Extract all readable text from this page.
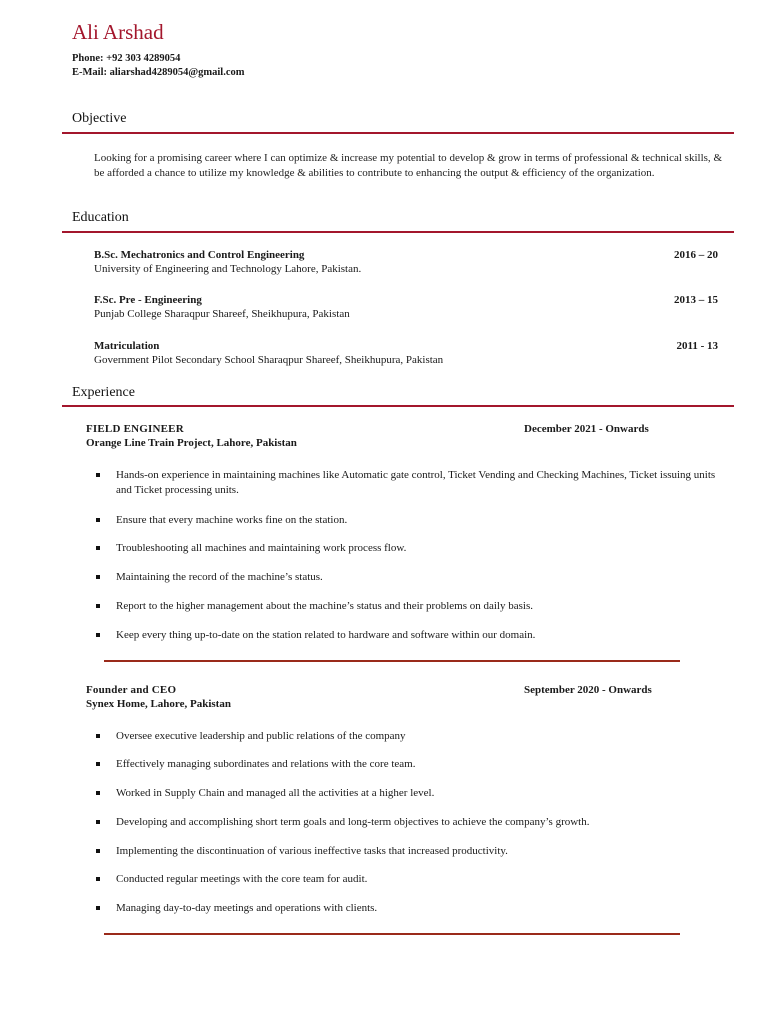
Ali Arshad
Phone: +92 303 4289054
E-Mail: aliarshad4289054@gmail.com
Objective
Looking for a promising career where I can optimize & increase my potential to develop & grow in terms of professional & technical skills, & be afforded a chance to utilize my knowledge & abilities to contribute to enhancing the output & efficiency of the organization.
Education
B.Sc. Mechatronics and Control Engineering
University of Engineering and Technology Lahore, Pakistan.
2016 – 20
F.Sc. Pre - Engineering
Punjab College Sharaqpur Shareef, Sheikhupura, Pakistan
2013 – 15
Matriculation
Government Pilot Secondary School Sharaqpur Shareef, Sheikhupura, Pakistan
2011 - 13
Experience
FIELD ENGINEER
Orange Line Train Project, Lahore, Pakistan
December 2021 - Onwards
Hands-on experience in maintaining machines like Automatic gate control, Ticket Vending and Checking Machines, Ticket issuing units and Ticket processing units.
Ensure that every machine works fine on the station.
Troubleshooting all machines and maintaining work process flow.
Maintaining the record of the machine’s status.
Report to the higher management about the machine’s status and their problems on daily basis.
Keep every thing up-to-date on the station related to hardware and software within our domain.
Founder and CEO
Synex Home, Lahore, Pakistan
September 2020 - Onwards
Oversee executive leadership and public relations of the company
Effectively managing subordinates and relations with the core team.
Worked in Supply Chain and managed all the activities at a higher level.
Developing and accomplishing short term goals and long-term objectives to achieve the company’s growth.
Implementing the discontinuation of various ineffective tasks that increased productivity.
Conducted regular meetings with the core team for audit.
Managing day-to-day meetings and operations with clients.
